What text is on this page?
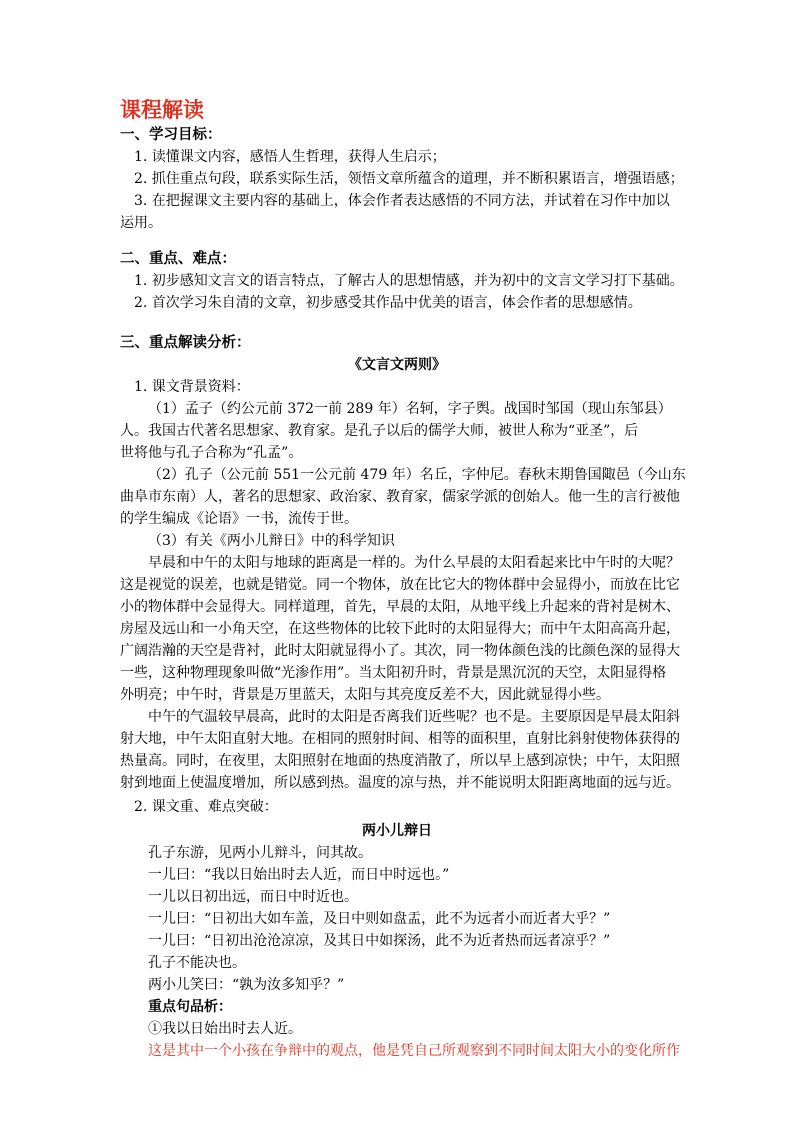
课程解读
一、学习目标：
1. 读懂课文内容，感悟人生哲理，获得人生启示；
2. 抓住重点句段，联系实际生活，领悟文章所蕴含的道理，并不断积累语言，增强语感；
3. 在把握课文主要内容的基础上，体会作者表达感悟的不同方法，并试着在习作中加以
运用。
二、重点、难点：
1. 初步感知文言文的语言特点，了解古人的思想情感，并为初中的文言文学习打下基础。
2. 首次学习朱自清的文章，初步感受其作品中优美的语言，体会作者的思想感情。
三、重点解读分析：
《文言文两则》
1. 课文背景资料：
（1）孟子（约公元前 372一前 289 年）名轲，字子舆。战国时邹国（现山东邹县）
人。我国古代著名思想家、教育家。是孔子以后的儒学大师，被世人称为“亚圣”，后
世将他与孔子合称为“孔孟”。
（2）孔子（公元前 551一公元前 479 年）名丘，字仲尼。春秋末期鲁国陬邑（今山东
曲阜市东南）人，著名的思想家、政治家、教育家，儒家学派的创始人。他一生的言行被他
的学生编成《论语》一书，流传于世。
（3）有关《两小儿辩日》中的科学知识
早晨和中午的太阳与地球的距离是一样的。为什么早晨的太阳看起来比中午时的大呢？
这是视觉的误差，也就是错觉。同一个物体，放在比它大的物体群中会显得小，而放在比它
小的物体群中会显得大。同样道理，首先，早晨的太阳，从地平线上升起来的背衬是树木、
房屋及远山和一小角天空，在这些物体的比较下此时的太阳显得大；而中午太阳高高升起，
广阔浩瀚的天空是背衬，此时太阳就显得小了。其次，同一物体颜色浅的比颜色深的显得大
一些，这种物理现象叫做“光渗作用”。当太阳初升时，背景是黑沉沉的天空，太阳显得格
外明亮；中午时，背景是万里蓝天，太阳与其亮度反差不大，因此就显得小些。
中午的气温较早晨高，此时的太阳是否离我们近些呢？也不是。主要原因是早晨太阳斜
射大地，中午太阳直射大地。在相同的照射时间、相等的面积里，直射比斜射使物体获得的
热量高。同时，在夜里，太阳照射在地面的热度消散了，所以早上感到凉快；中午，太阳照
射到地面上使温度增加，所以感到热。温度的凉与热，并不能说明太阳距离地面的远与近。
2. 课文重、难点突破：
两小儿辩日
孔子东游，见两小儿辩斗，问其故。
一儿曰：“我以日始出时去人近，而日中时远也。”
一儿以日初出远，而日中时近也。
一儿曰：“日初出大如车盖，及日中则如盘盂，此不为远者小而近者大乎？”
一儿曰：“日初出沧沧凉凉，及其日中如探汤，此不为近者热而远者凉乎？”
孔子不能决也。
两小儿笑曰：“孰为汝多知乎？”
重点句品析：
①我以日始出时去人近。
这是其中一个小孩在争辩中的观点，他是凭自己所观察到不同时间太阳大小的变化所作
